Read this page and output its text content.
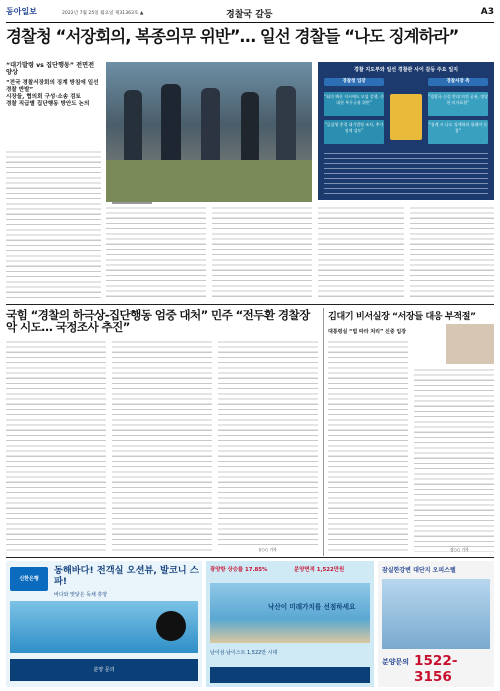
동아일보	2022년 7월 25일 월요일 제31363호 ▲	경찰국 갈등	A3
경찰청 “서장회의, 복종의무 위반”… 일선 경찰들 “나도 징계하라”
“대기발령 vs 집단행동” 전면전 양상
“전국 경찰서장회의 징계 방침에 일선 경찰 반발”
시장들, 협의회 구성·소송 검토
경찰 직급별 집단행동 방안도 논의
경찰 지도부와 일선 경찰관 사이 갈등 주요 일지
경찰청 입장	경찰서장 측
“회의 해산 지시에도 모임 강행, 중대한 복무규율 위반”
“류삼영 총경 대기발령 조치, 추가 징계 검토”
“경찰국 신설 반대 의견 공유, 정당한 의사표현”
“징계 시 나도 징계하라 릴레이 동참”
국힘 “경찰의 하극상-집단행동 엄중 대처” 민주 “전두환 경찰장악 시도… 국정조사 추진”
유○○ 기자
김대기 비서실장 “서장들 대응 부적절”
대통령실 “법 따라 처리” 신중 입장
장○○ 기자
신한은행
동해바다! 전객실 오션뷰, 발코니 스파!
바다와 맞닿은 독채 휴양
분양 문의
광양항 상승률 17.85%	분양면적 1,522만원
낙산이 미래가치를 선점하세요
남이섬·남이스트 1,522만 시대
잠실한강변 대단지 오피스텔
분양문의 1522-3156
